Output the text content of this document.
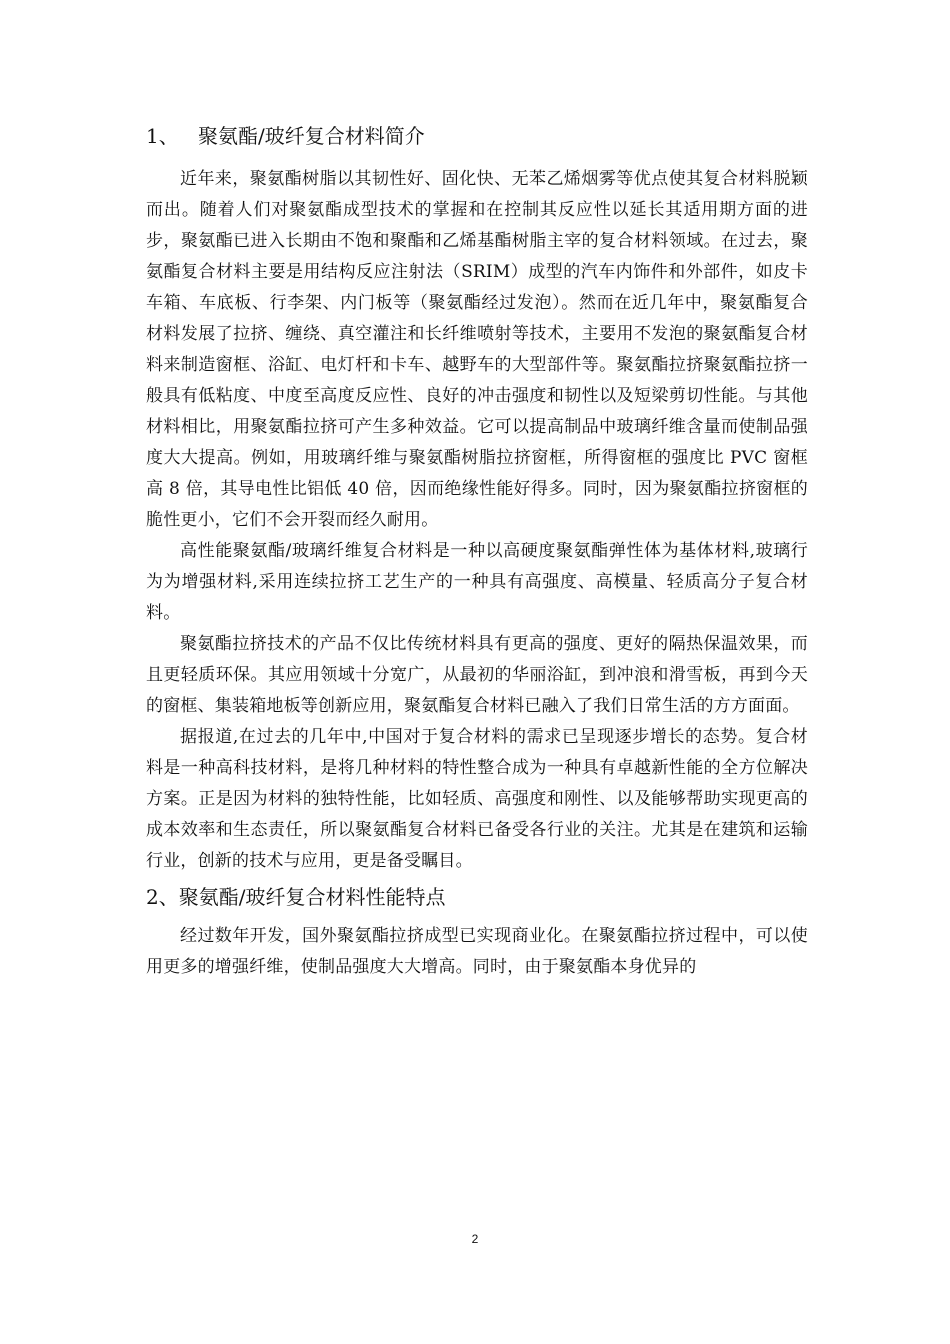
1、 聚氨酯/玻纤复合材料简介

近年来，聚氨酯树脂以其韧性好、固化快、无苯乙烯烟雾等优点使其复合材料脱颖而出。随着人们对聚氨酯成型技术的掌握和在控制其反应性以延长其适用期方面的进步，聚氨酯已进入长期由不饱和聚酯和乙烯基酯树脂主宰的复合材料领域。在过去，聚氨酯复合材料主要是用结构反应注射法（SRIM）成型的汽车内饰件和外部件，如皮卡车箱、车底板、行李架、内门板等（聚氨酯经过发泡）。然而在近几年中，聚氨酯复合材料发展了拉挤、缠绕、真空灌注和长纤维喷射等技术，主要用不发泡的聚氨酯复合材料来制造窗框、浴缸、电灯杆和卡车、越野车的大型部件等。聚氨酯拉挤聚氨酯拉挤一般具有低粘度、中度至高度反应性、良好的冲击强度和韧性以及短梁剪切性能。与其他材料相比，用聚氨酯拉挤可产生多种效益。它可以提高制品中玻璃纤维含量而使制品强度大大提高。例如，用玻璃纤维与聚氨酯树脂拉挤窗框，所得窗框的强度比 PVC 窗框高 8 倍，其导电性比铝低 40 倍，因而绝缘性能好得多。同时，因为聚氨酯拉挤窗框的脆性更小，它们不会开裂而经久耐用。

高性能聚氨酯/玻璃纤维复合材料是一种以高硬度聚氨酯弹性体为基体材料,玻璃行为为增强材料,采用连续拉挤工艺生产的一种具有高强度、高模量、轻质高分子复合材料。

聚氨酯拉挤技术的产品不仅比传统材料具有更高的强度、更好的隔热保温效果，而且更轻质环保。其应用领域十分宽广，从最初的华丽浴缸，到冲浪和滑雪板，再到今天的窗框、集装箱地板等创新应用，聚氨酯复合材料已融入了我们日常生活的方方面面。

据报道,在过去的几年中,中国对于复合材料的需求已呈现逐步增长的态势。复合材料是一种高科技材料，是将几种材料的特性整合成为一种具有卓越新性能的全方位解决方案。正是因为材料的独特性能，比如轻质、高强度和刚性、以及能够帮助实现更高的成本效率和生态责任，所以聚氨酯复合材料已备受各行业的关注。尤其是在建筑和运输行业，创新的技术与应用，更是备受瞩目。

2、聚氨酯/玻纤复合材料性能特点

经过数年开发，国外聚氨酯拉挤成型已实现商业化。在聚氨酯拉挤过程中，可以使用更多的增强纤维，使制品强度大大增高。同时，由于聚氨酯本身优异的

2
